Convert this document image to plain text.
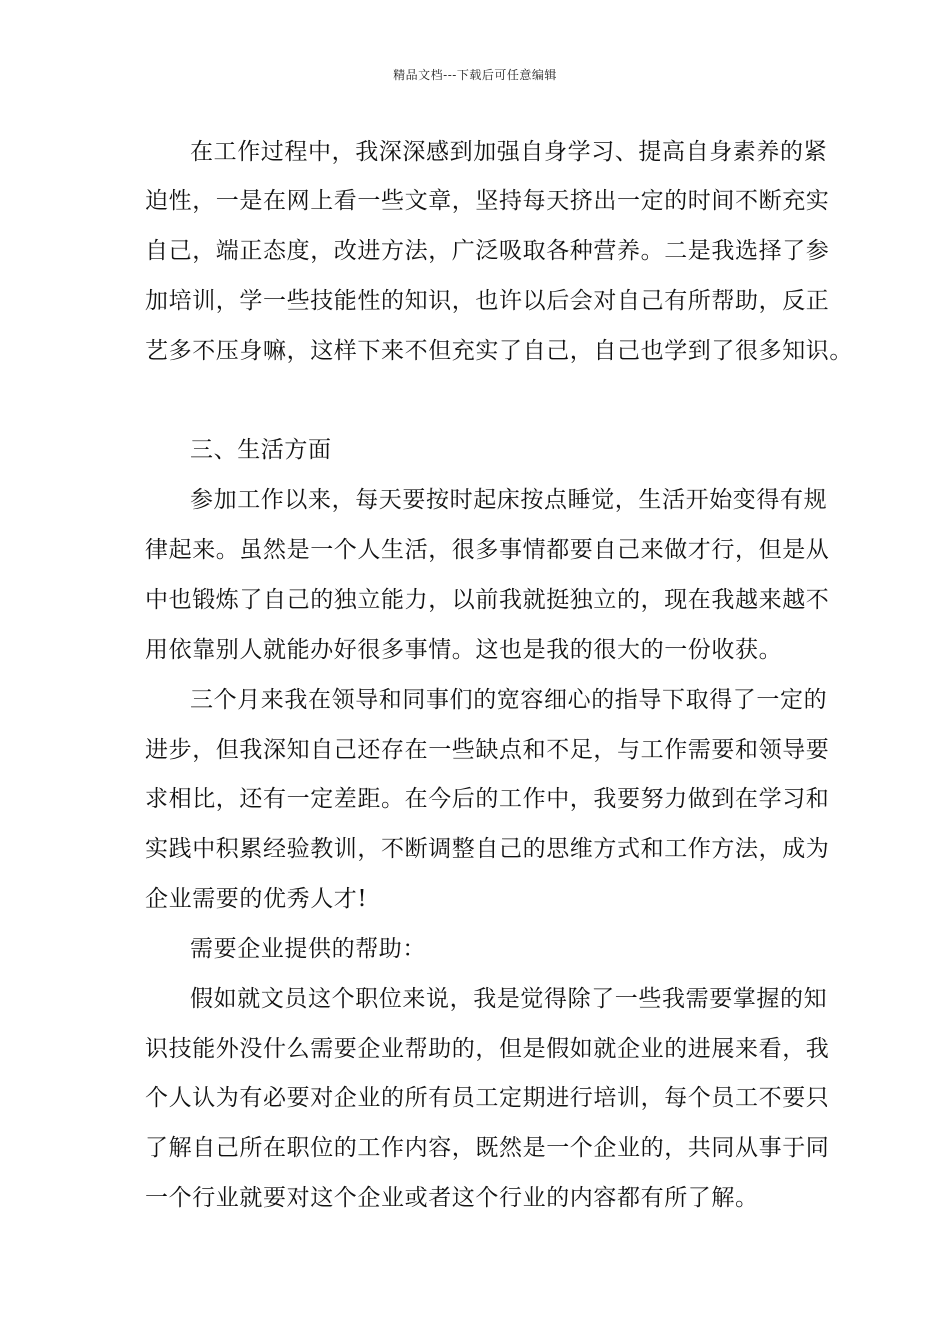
精品文档---下载后可任意编辑
在工作过程中，我深深感到加强自身学习、提高自身素养的紧
迫性，一是在网上看一些文章，坚持每天挤出一定的时间不断充实
自己，端正态度，改进方法，广泛吸取各种营养。二是我选择了参
加培训，学一些技能性的知识，也许以后会对自己有所帮助，反正
艺多不压身嘛，这样下来不但充实了自己，自己也学到了很多知识。
三、生活方面
参加工作以来，每天要按时起床按点睡觉，生活开始变得有规
律起来。虽然是一个人生活，很多事情都要自己来做才行，但是从
中也锻炼了自己的独立能力，以前我就挺独立的，现在我越来越不
用依靠别人就能办好很多事情。这也是我的很大的一份收获。
三个月来我在领导和同事们的宽容细心的指导下取得了一定的
进步，但我深知自己还存在一些缺点和不足，与工作需要和领导要
求相比，还有一定差距。在今后的工作中，我要努力做到在学习和
实践中积累经验教训，不断调整自己的思维方式和工作方法，成为
企业需要的优秀人才!
需要企业提供的帮助：
假如就文员这个职位来说，我是觉得除了一些我需要掌握的知
识技能外没什么需要企业帮助的，但是假如就企业的进展来看，我
个人认为有必要对企业的所有员工定期进行培训，每个员工不要只
了解自己所在职位的工作内容，既然是一个企业的，共同从事于同
一个行业就要对这个企业或者这个行业的内容都有所了解。
